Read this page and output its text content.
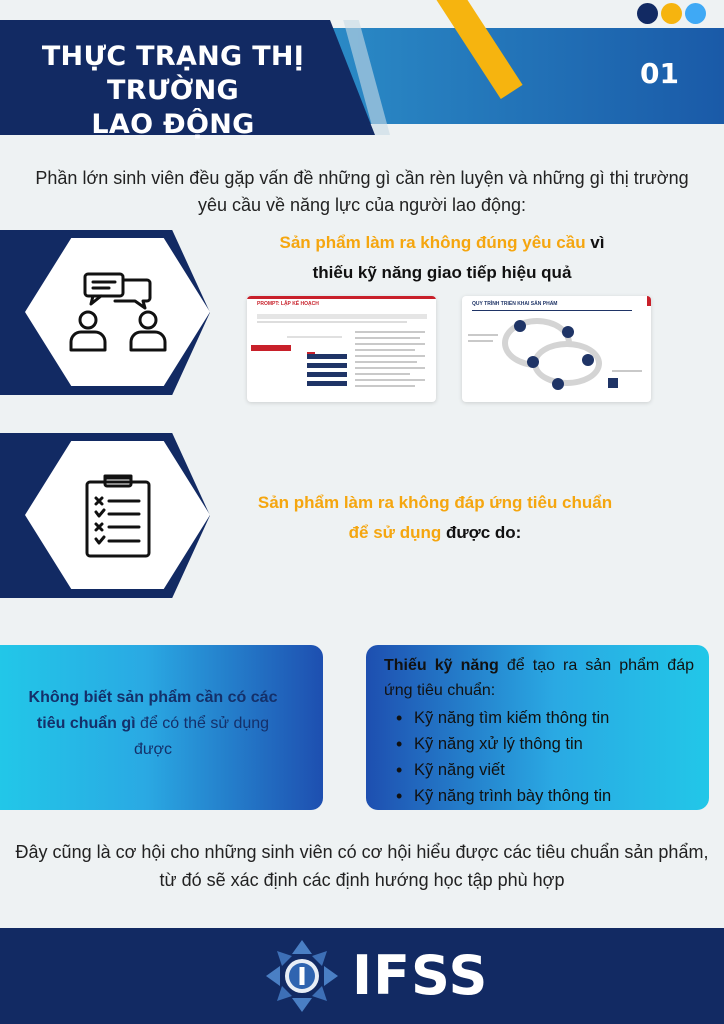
THỰC TRẠNG THỊ TRƯỜNG
LAO ĐỘNG
01

Phần lớn sinh viên đều gặp vấn đề những gì cần rèn luyện và những gì thị trường yêu cầu về năng lực của người lao động:

Sản phẩm làm ra không đúng yêu cầu vì
thiếu kỹ năng giao tiếp hiệu quả
PROMPT: LẬP KẾ HOẠCH	QUY TRÌNH TRIỂN KHAI SẢN PHẨM
Sản phẩm làm ra không đáp ứng tiêu chuẩn để sử dụng được do:
Không biết sản phẩm cần có các tiêu chuẩn gì để có thể sử dụng được
Thiếu kỹ năng để tạo ra sản phẩm đáp ứng tiêu chuẩn:
• Kỹ năng tìm kiếm thông tin
• Kỹ năng xử lý thông tin
• Kỹ năng viết
• Kỹ năng trình bày thông tin

Đây cũng là cơ hội cho những sinh viên có cơ hội hiểu được các tiêu chuẩn sản phẩm, từ đó sẽ xác định các định hướng học tập phù hợp

IFSS
